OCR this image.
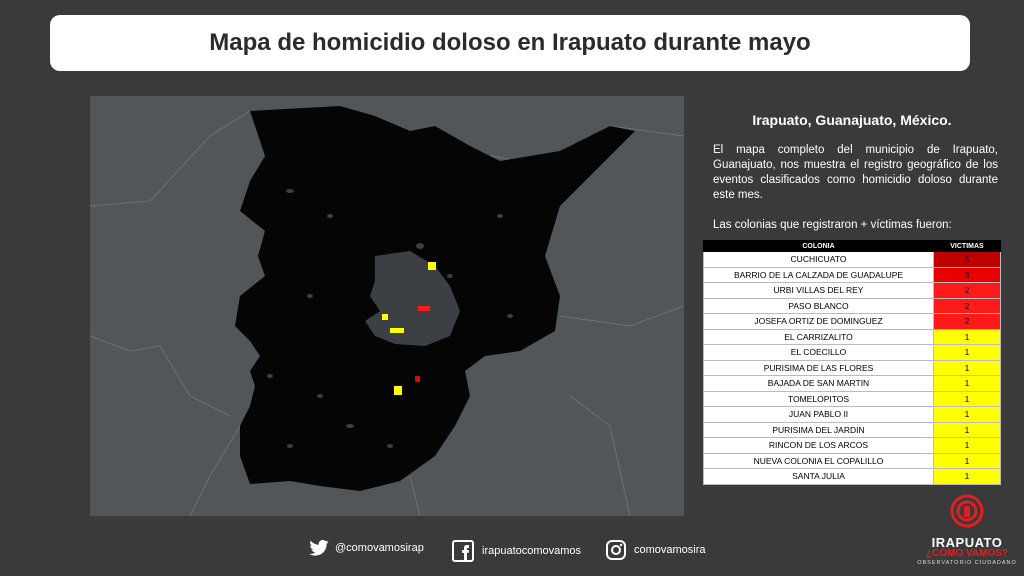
Mapa de homicidio doloso en Irapuato durante mayo
Irapuato, Guanajuato, México.
El mapa completo del municipio de Irapuato, Guanajuato, nos muestra el registro geográfico de los eventos clasificados como homicidio doloso durante este mes.
Las colonias que registraron + víctimas fueron:
COLONIA	VICTIMAS
CUCHICUATO	5
BARRIO DE LA CALZADA DE GUADALUPE	3
URBI VILLAS DEL REY	2
PASO BLANCO	2
JOSEFA ORTIZ DE DOMINGUEZ	2
EL CARRIZALITO	1
EL COECILLO	1
PURISIMA DE LAS FLORES	1
BAJADA DE SAN MARTIN	1
TOMELOPITOS	1
JUAN PABLO II	1
PURISIMA DEL JARDIN	1
RINCON DE LOS ARCOS	1
NUEVA COLONIA EL COPALILLO	1
SANTA JULIA	1
@comovamosirap	irapuatocomovamos	comovamosira	IRAPUATO
¿CÓMO VAMOS?
OBSERVATORIO CIUDADANO
